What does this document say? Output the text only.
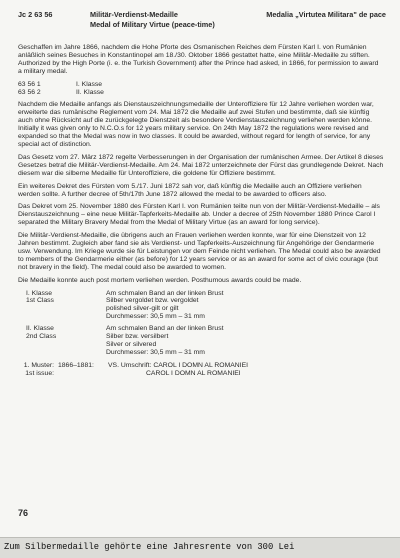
Jc 2 63 56	Militär-Verdienst-Medaille
Medal of Military Virtue (peace-time)
Medalia „Virtutea Militara" de pace

Geschaffen im Jahre 1866, nachdem die Hohe Pforte des Osmanischen Reiches dem Fürsten Karl I. von Rumänien anläßlich seines Besuches in Konstantinopel am 18./30. Oktober 1866 gestattet hatte, eine Militär-Medaille zu stiften.
Authorized by the High Porte (i. e. the Turkish Government) after the Prince had asked, in 1866, for permission to award a military medal.

63 56 1	I. Klasse
63 56 2	II. Klasse

Nachdem die Medaille anfangs als Dienstauszeichnungsmedaille der Unteroffiziere für 12 Jahre verliehen worden war, erweiterte das rumänische Reglement vom 24. Mai 1872 die Medaille auf zwei Stufen und bestimmte, daß sie künftig auch ohne Rücksicht auf die zurückgelegte Dienstzeit als besondere Verdienstauszeichnung verliehen werden könne. Initially it was given only to N.C.O.s for 12 years military service. On 24th May 1872 the regulations were revised and expanded so that the Medal was now in two classes. It could be awarded, without regard for length of service, for any special act of distinction.

Das Gesetz vom 27. März 1872 regelte Verbesserungen in der Organisation der rumänischen Armee. Der Artikel 8 dieses Gesetzes betraf die Militär-Verdienst-Medaille. Am 24. Mai 1872 unterzeichnete der Fürst das grundlegende Dekret. Nach diesem war die silberne Medaille für Unteroffiziere, die goldene für Offiziere bestimmt.

Ein weiteres Dekret des Fürsten vom 5./17. Juni 1872 sah vor, daß künftig die Medaille auch an Offiziere verliehen werden sollte. A further decree of 5th/17th June 1872 allowed the medal to be awarded to officers also.

Das Dekret vom 25. November 1880 des Fürsten Karl I. von Rumänien teilte nun von der Militär-Verdienst-Medaille – als Dienstauszeichnung – eine neue Militär-Tapferkeits-Medaille ab. Under a decree of 25th November 1880 Prince Carol I separated the Military Bravery Medal from the Medal of Military Virtue (as an award for long service).

Die Militär-Verdienst-Medaille, die übrigens auch an Frauen verliehen werden konnte, war für eine Dienstzeit von 12 Jahren bestimmt. Zugleich aber fand sie als Verdienst- und Tapferkeits-Auszeichnung für Angehörige der Gendarmerie usw. Verwendung. Im Kriege wurde sie für Leistungen vor dem Feinde nicht verliehen. The Medal could also be awarded to members of the Gendarmerie either (as before) for 12 years service or as an award for some act of civic courage (but not bravery in the field). The medal could also be awarded to women.

Die Medaille konnte auch post mortem verliehen werden. Posthumous awards could be made.

I. Klasse
1st Class
Am schmalen Band an der linken Brust
Silber vergoldet bzw. vergoldet
polished silver-gilt or gilt
Durchmesser: 30,5 mm – 31 mm
II. Klasse
2nd Class
Am schmalen Band an der linken Brust
Silber bzw. versilbert
Silver or silvered
Durchmesser: 30,5 mm – 31 mm
1. Muster:
1st issue:
1866–1881:	VS. Umschrift: CAROL I DOMN AL ROMANIEI
CAROL I DOMN AL ROMANIEI
76
Zum Silbermedaille gehörte eine Jahresrente von 300 Lei
